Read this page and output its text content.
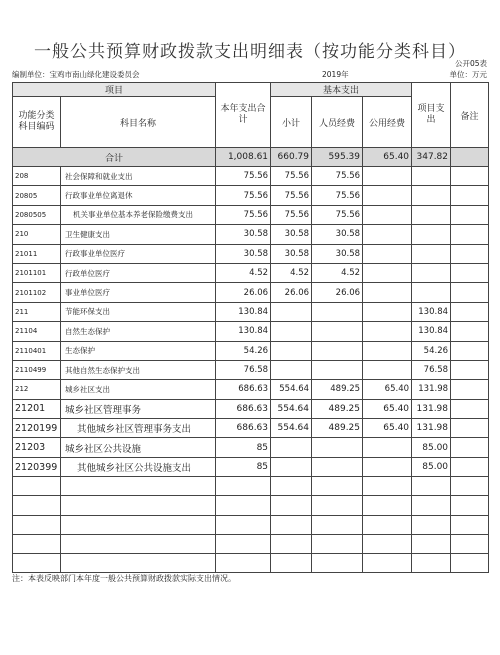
一般公共预算财政拨款支出明细表（按功能分类科目）
公开05表
编制单位：宝鸡市南山绿化建设委员会	2019年	单位：万元
项目		本年支出合计	基本支出			项目支出	备注
功能分类科目编码	科目名称		小计	人员经费	公用经费		
合计		1,008.61	660.79	595.39	65.40	347.82	
208	社会保障和就业支出	75.56	75.56	75.56			
20805	行政事业单位离退休	75.56	75.56	75.56			
2080505	机关事业单位基本养老保险缴费支出	75.56	75.56	75.56			
210	卫生健康支出	30.58	30.58	30.58			
21011	行政事业单位医疗	30.58	30.58	30.58			
2101101	行政单位医疗	4.52	4.52	4.52			
2101102	事业单位医疗	26.06	26.06	26.06			
211	节能环保支出	130.84				130.84	
21104	自然生态保护	130.84				130.84	
2110401	生态保护	54.26				54.26	
2110499	其他自然生态保护支出	76.58				76.58	
212	城乡社区支出	686.63	554.64	489.25	65.40	131.98	
21201	城乡社区管理事务	686.63	554.64	489.25	65.40	131.98	
2120199	其他城乡社区管理事务支出	686.63	554.64	489.25	65.40	131.98	
21203	城乡社区公共设施	85				85.00	
2120399	其他城乡社区公共设施支出	85				85.00	

注：本表反映部门本年度一般公共预算财政拨款实际支出情况。
